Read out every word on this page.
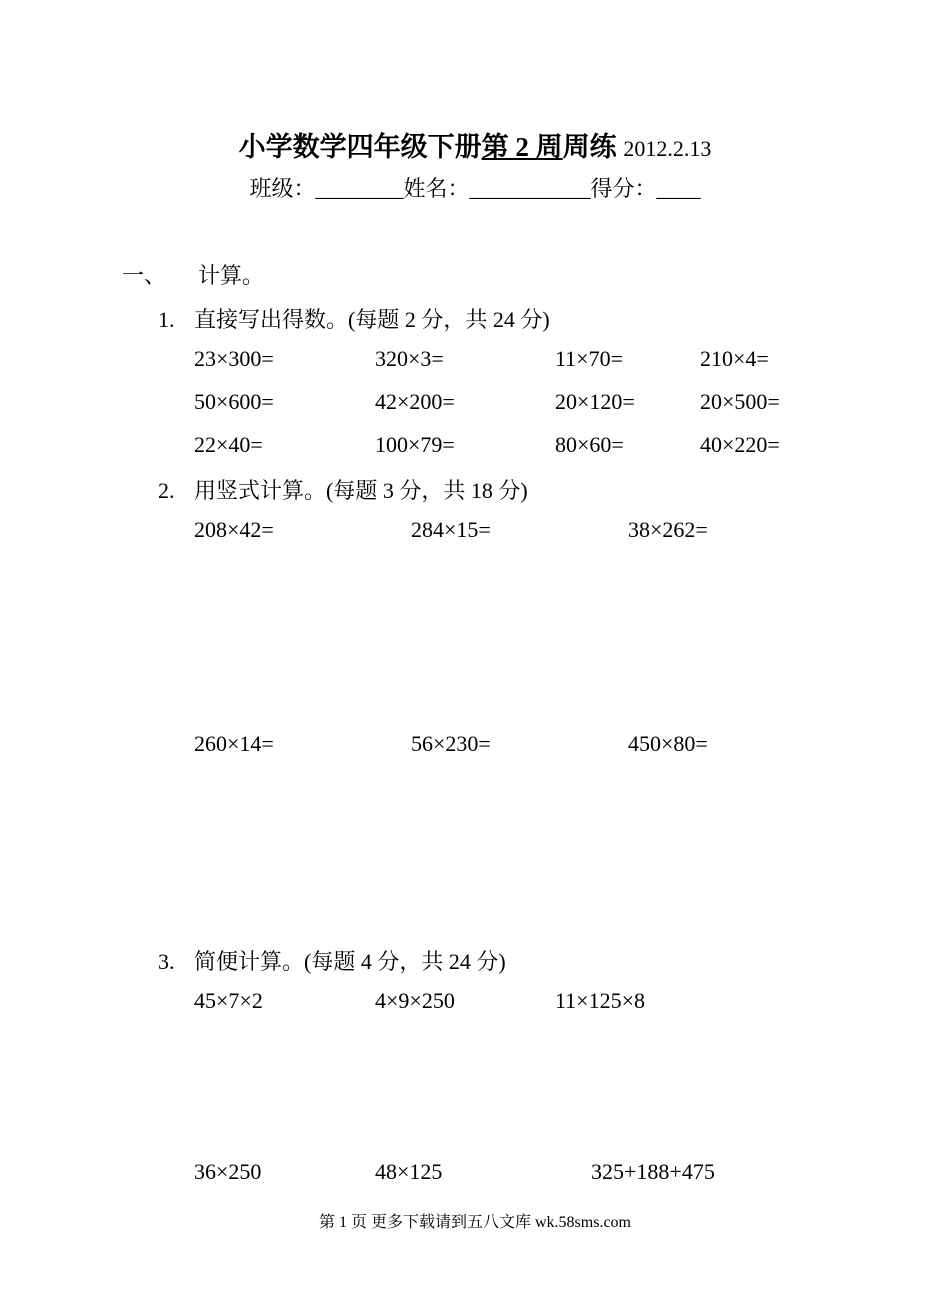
小学数学四年级下册第 2 周周练 2012.2.13
班级：________姓名：___________得分：____
一、 计算。
1. 直接写出得数。(每题 2 分，共 24 分)
23×300=	320×3=	11×70=	210×4=
50×600=	42×200=	20×120=	20×500=
22×40=	100×79=	80×60=	40×220=
2. 用竖式计算。(每题 3 分，共 18 分)
208×42=	284×15=	38×262=
260×14=	56×230=	450×80=
3. 简便计算。(每题 4 分，共 24 分)
45×7×2	4×9×250	11×125×8
36×250	48×125	325+188+475
第 1 页 更多下载请到五八文库 wk.58sms.com
